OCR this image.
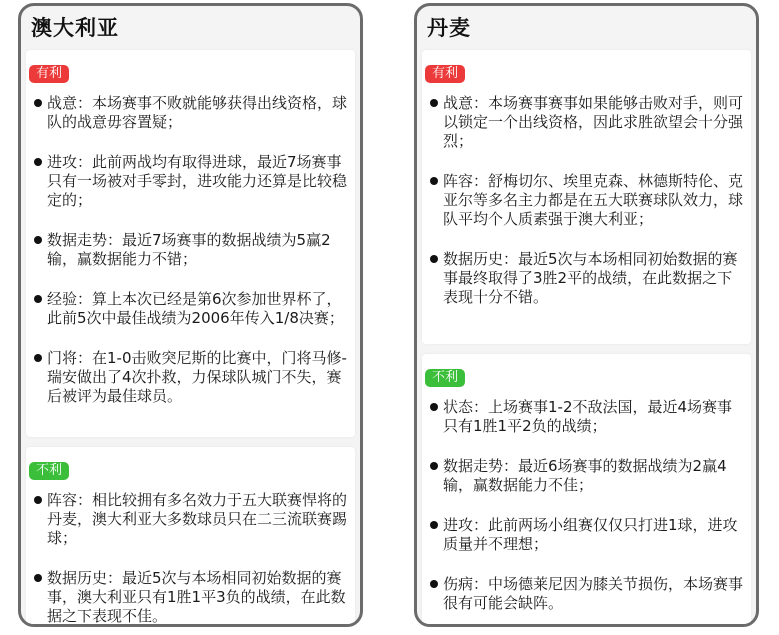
澳大利亚
有利
战意：本场赛事不败就能够获得出线资格，球队的战意毋容置疑；
进攻：此前两战均有取得进球，最近7场赛事只有一场被对手零封，进攻能力还算是比较稳定的；
数据走势：最近7场赛事的数据战绩为5赢2输，赢数据能力不错；
经验：算上本次已经是第6次参加世界杯了，此前5次中最佳战绩为2006年传入1/8决赛；
门将：在1-0击败突尼斯的比赛中，门将马修-瑞安做出了4次扑救，力保球队城门不失，赛后被评为最佳球员。
不利
阵容：相比较拥有多名效力于五大联赛悍将的丹麦，澳大利亚大多数球员只在二三流联赛踢球；
数据历史：最近5次与本场相同初始数据的赛事，澳大利亚只有1胜1平3负的战绩，在此数据之下表现不佳。
丹麦
有利
战意：本场赛事赛事如果能够击败对手，则可以锁定一个出线资格，因此求胜欲望会十分强烈；
阵容：舒梅切尔、埃里克森、林德斯特伦、克亚尔等多名主力都是在五大联赛球队效力，球队平均个人质素强于澳大利亚；
数据历史：最近5次与本场相同初始数据的赛事最终取得了3胜2平的战绩，在此数据之下表现十分不错。
不利
状态：上场赛事1-2不敌法国，最近4场赛事只有1胜1平2负的战绩；
数据走势：最近6场赛事的数据战绩为2赢4输，赢数据能力不佳；
进攻：此前两场小组赛仅仅只打进1球，进攻质量并不理想；
伤病：中场德莱尼因为膝关节损伤，本场赛事很有可能会缺阵。
